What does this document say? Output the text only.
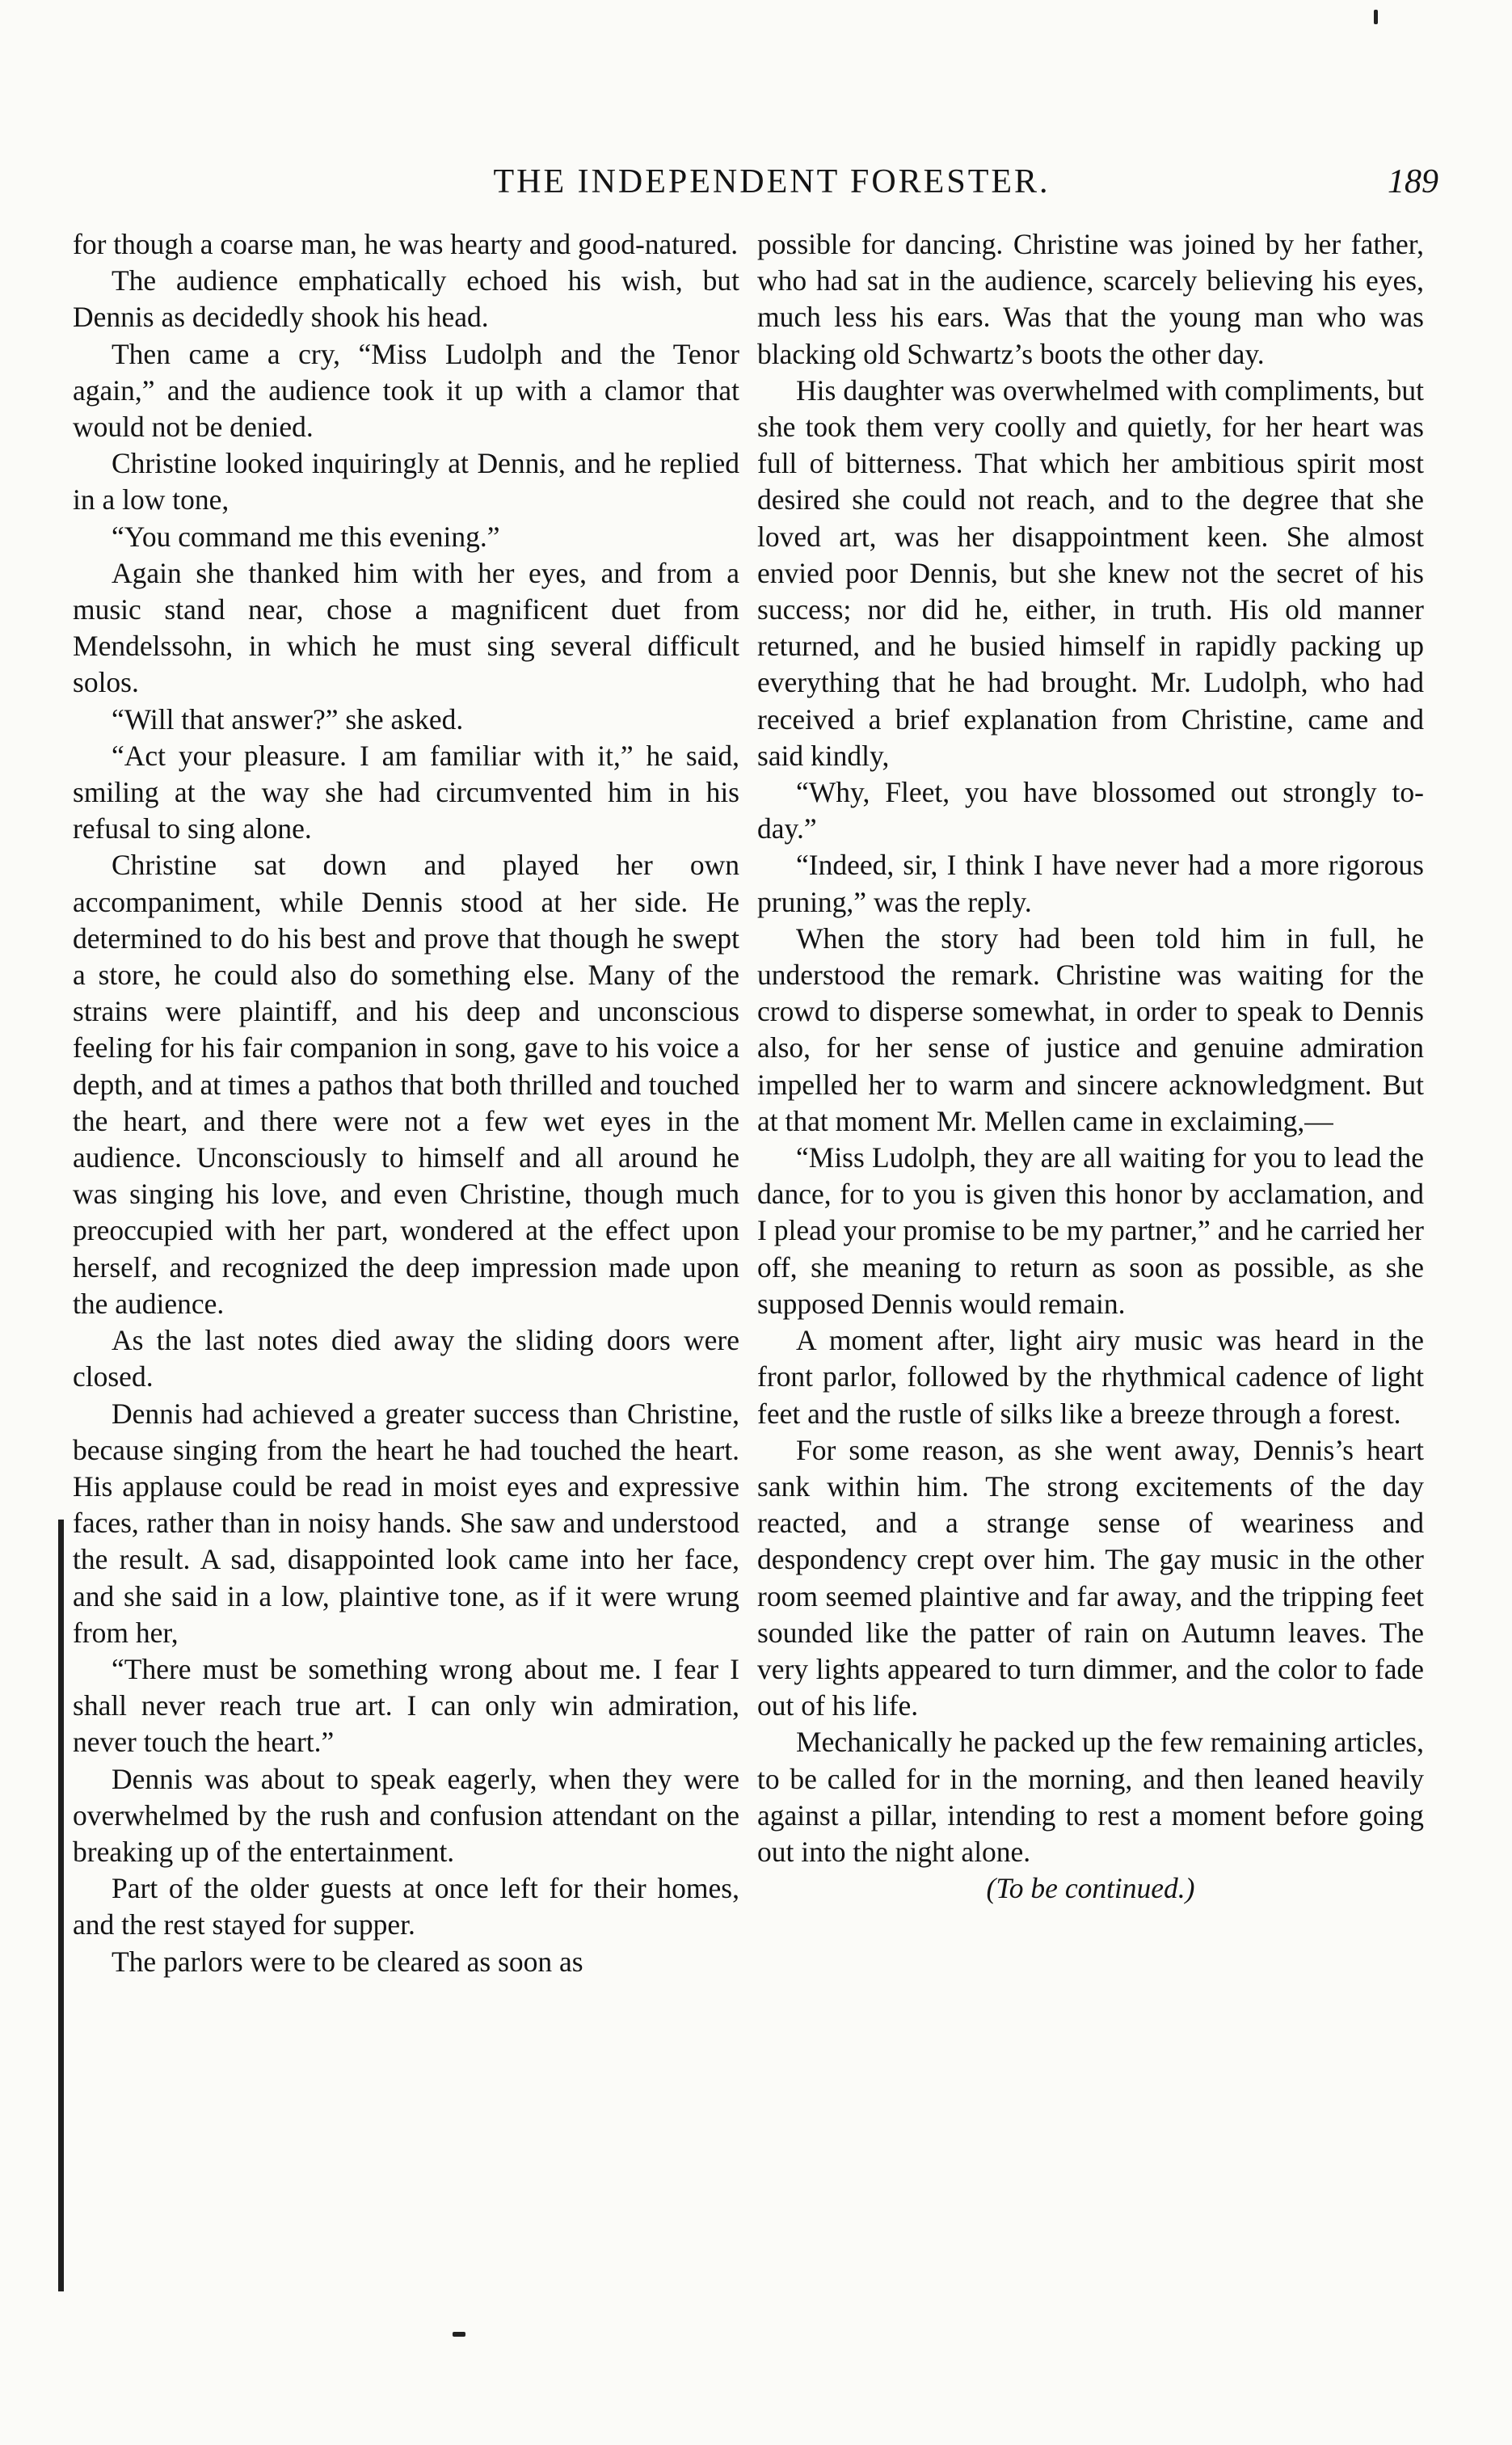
THE INDEPENDENT FORESTER.	189

for though a coarse man, he was hearty and good-natured.

The audience emphatically echoed his wish, but Dennis as decidedly shook his head.

Then came a cry, “Miss Ludolph and the Tenor again,” and the audience took it up with a clamor that would not be denied.

Christine looked inquiringly at Dennis, and he replied in a low tone,

“You command me this evening.”

Again she thanked him with her eyes, and from a music stand near, chose a magnificent duet from Mendelssohn, in which he must sing several difficult solos.

“Will that answer?” she asked.

“Act your pleasure. I am familiar with it,” he said, smiling at the way she had circumvented him in his refusal to sing alone.

Christine sat down and played her own accompaniment, while Dennis stood at her side. He determined to do his best and prove that though he swept a store, he could also do something else. Many of the strains were plaintiff, and his deep and unconscious feeling for his fair companion in song, gave to his voice a depth, and at times a pathos that both thrilled and touched the heart, and there were not a few wet eyes in the audience. Unconsciously to himself and all around he was singing his love, and even Christine, though much preoccupied with her part, wondered at the effect upon herself, and recognized the deep impression made upon the audience.

As the last notes died away the sliding doors were closed.

Dennis had achieved a greater success than Christine, because singing from the heart he had touched the heart. His applause could be read in moist eyes and expressive faces, rather than in noisy hands. She saw and understood the result. A sad, disappointed look came into her face, and she said in a low, plaintive tone, as if it were wrung from her,

“There must be something wrong about me. I fear I shall never reach true art. I can only win admiration, never touch the heart.”

Dennis was about to speak eagerly, when they were overwhelmed by the rush and confusion attendant on the breaking up of the entertainment.

Part of the older guests at once left for their homes, and the rest stayed for supper.

The parlors were to be cleared as soon as

possible for dancing. Christine was joined by her father, who had sat in the audience, scarcely believing his eyes, much less his ears. Was that the young man who was blacking old Schwartz’s boots the other day.

His daughter was overwhelmed with compliments, but she took them very coolly and quietly, for her heart was full of bitterness. That which her ambitious spirit most desired she could not reach, and to the degree that she loved art, was her disappointment keen. She almost envied poor Dennis, but she knew not the secret of his success; nor did he, either, in truth. His old manner returned, and he busied himself in rapidly packing up everything that he had brought. Mr. Ludolph, who had received a brief explanation from Christine, came and said kindly,

“Why, Fleet, you have blossomed out strongly to-day.”

“Indeed, sir, I think I have never had a more rigorous pruning,” was the reply.

When the story had been told him in full, he understood the remark. Christine was waiting for the crowd to disperse somewhat, in order to speak to Dennis also, for her sense of justice and genuine admiration impelled her to warm and sincere acknowledgment. But at that moment Mr. Mellen came in exclaiming,—

“Miss Ludolph, they are all waiting for you to lead the dance, for to you is given this honor by acclamation, and I plead your promise to be my partner,” and he carried her off, she meaning to return as soon as possible, as she supposed Dennis would remain.

A moment after, light airy music was heard in the front parlor, followed by the rhythmical cadence of light feet and the rustle of silks like a breeze through a forest.

For some reason, as she went away, Dennis’s heart sank within him. The strong excitements of the day reacted, and a strange sense of weariness and despondency crept over him. The gay music in the other room seemed plaintive and far away, and the tripping feet sounded like the patter of rain on Autumn leaves. The very lights appeared to turn dimmer, and the color to fade out of his life.

Mechanically he packed up the few remaining articles, to be called for in the morning, and then leaned heavily against a pillar, intending to rest a moment before going out into the night alone.

(To be continued.)
